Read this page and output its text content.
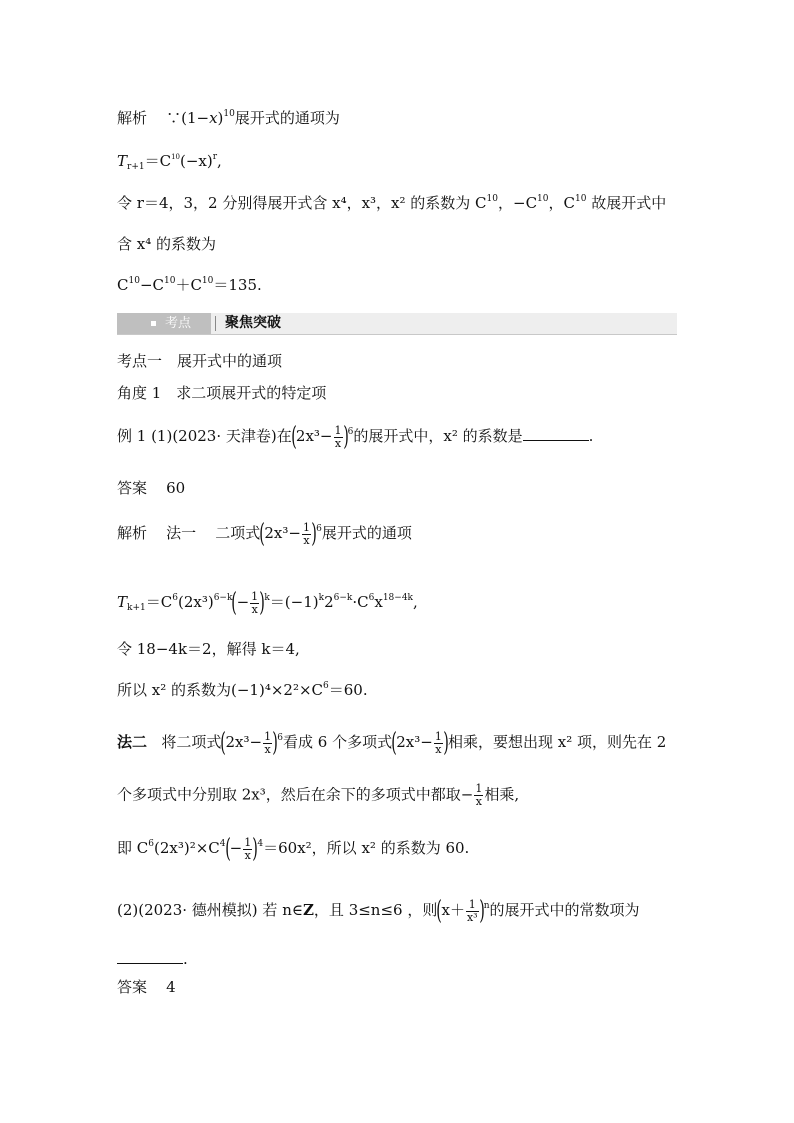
解析 $\because(1-x)^{10}$展开式的通项为
$T_{r+1}=C^{10}(-x)^r$,
令 r＝4，3，2 分别得展开式含 x⁴，x³，x² 的系数为 $C^{10}$，$-C^{10}$，$C^{10}$ 故展开式中
含 x⁴ 的系数为
$C^{10}-C^{10}+C^{10}=135$.
考点 聚焦突破
考点一　展开式中的通项
角度 1　求二项展开式的特定项
例 1 (1)(2023· 天津卷)在$(2x^3- \frac{1}{x} )^6$的展开式中，x² 的系数是	.
答案 60
解析 法一 二项式$(2x^3- \frac{1}{x} )^6$展开式的通项
$T_{k+1}=C^6(2x^3)^{6-k}(- \frac{1}{x} )^k=(-1)^k2^{6-k}\cdot C^6x^{18-4k}$,
令 18−4k＝2，解得 k＝4,
所以 x² 的系数为$(-1)^4\times 2^2\times C^6=60$.
法二 将二项式$(2x^3- \frac{1}{x} )^6$看成 6 个多项式($2x^3- \frac{1}{x}$ )相乘，要想出现 x² 项，则先在 2
个多项式中分别取 2x³，然后在余下的多项式中都取− $\frac{1}{x}$ 相乘,
即 $C^6(2x^3)^2\times C^4(- \frac{1}{x} )^4=60x^2$，所以 x² 的系数为 60.
(2)(2023· 德州模拟) 若 n∈Z，且 3≤n≤6 ，则$(x+ \frac{1}{\text{x³}} )^n$的展开式中的常数项为
.
答案 4
